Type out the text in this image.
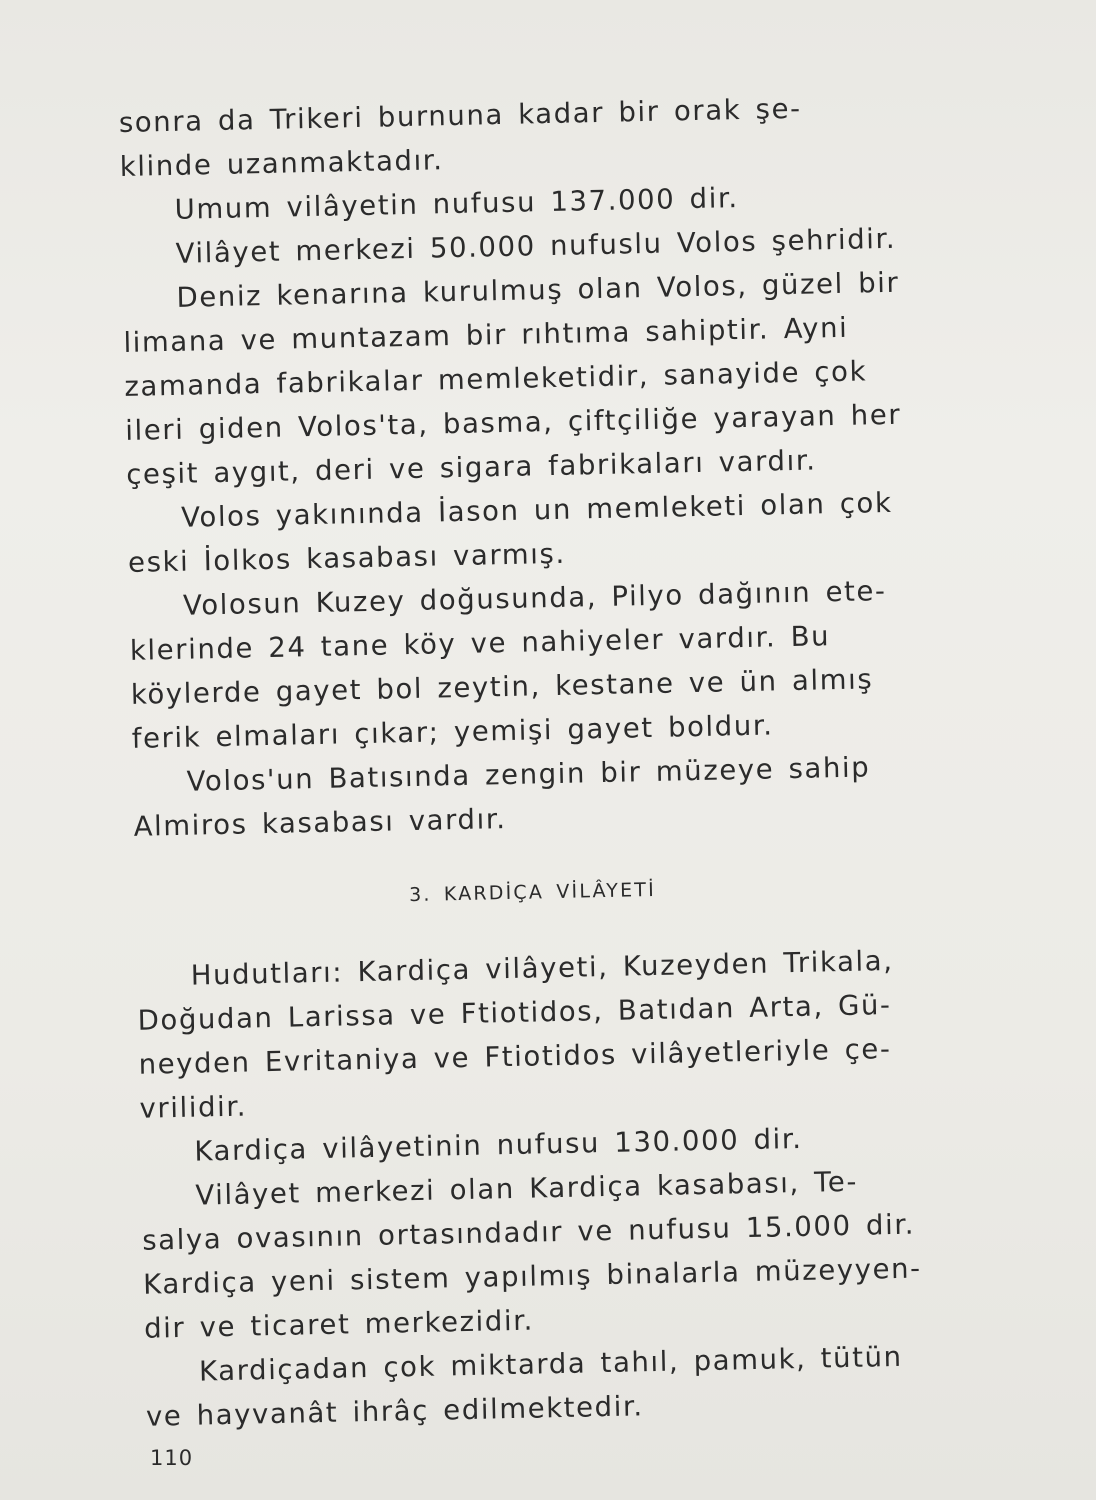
sonra da Trikeri burnuna kadar bir orak şe-
klinde uzanmaktadır.
Umum vilâyetin nufusu 137.000 dir.
Vilâyet merkezi 50.000 nufuslu Volos şehridir.
Deniz kenarına kurulmuş olan Volos, güzel bir
limana ve muntazam bir rıhtıma sahiptir. Ayni
zamanda fabrikalar memleketidir, sanayide çok
ileri giden Volos'ta, basma, çiftçiliğe yarayan her
çeşit aygıt, deri ve sigara fabrikaları vardır.
Volos yakınında İason un memleketi olan çok
eski İolkos kasabası varmış.
Volosun Kuzey doğusunda, Pilyo dağının ete-
klerinde 24 tane köy ve nahiyeler vardır. Bu
köylerde gayet bol zeytin, kestane ve ün almış
ferik elmaları çıkar; yemişi gayet boldur.
Volos'un Batısında zengin bir müzeye sahip
Almiros kasabası vardır.
3. KARDİÇA VİLÂYETİ
Hudutları: Kardiça vilâyeti, Kuzeyden Trikala,
Doğudan Larissa ve Ftiotidos, Batıdan Arta, Gü-
neyden Evritaniya ve Ftiotidos vilâyetleriyle çe-
vrilidir.
Kardiça vilâyetinin nufusu 130.000 dir.
Vilâyet merkezi olan Kardiça kasabası, Te-
salya ovasının ortasındadır ve nufusu 15.000 dir.
Kardiça yeni sistem yapılmış binalarla müzeyyen-
dir ve ticaret merkezidir.
Kardiçadan çok miktarda tahıl, pamuk, tütün
ve hayvanât ihrâç edilmektedir.
110
